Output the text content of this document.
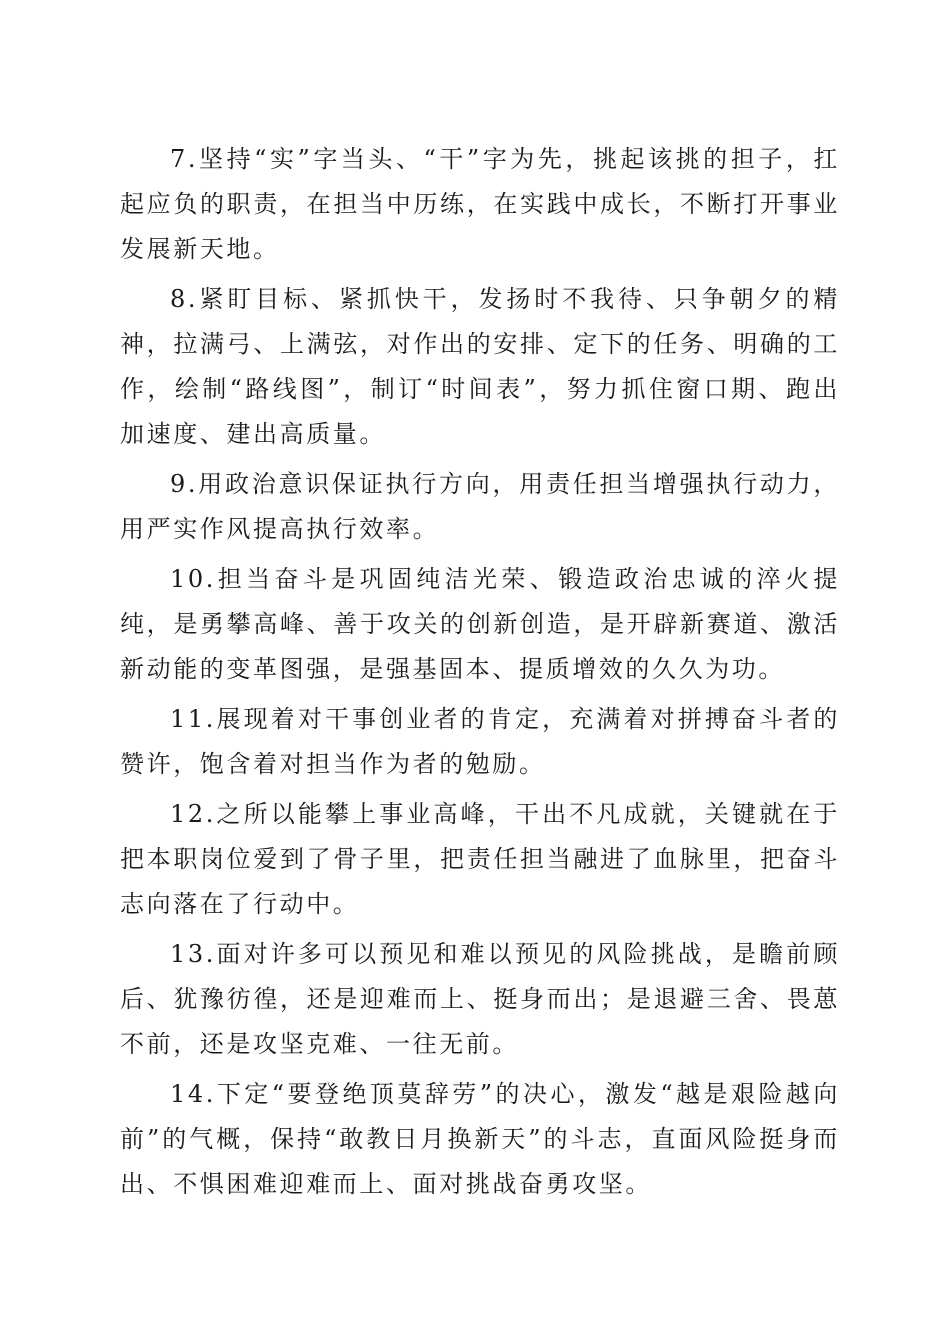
7.坚持“实”字当头、“干”字为先，挑起该挑的担子，扛起应负的职责，在担当中历练，在实践中成长，不断打开事业发展新天地。

8.紧盯目标、紧抓快干，发扬时不我待、只争朝夕的精神，拉满弓、上满弦，对作出的安排、定下的任务、明确的工作，绘制“路线图”，制订“时间表”，努力抓住窗口期、跑出加速度、建出高质量。

9.用政治意识保证执行方向，用责任担当增强执行动力，用严实作风提高执行效率。

10.担当奋斗是巩固纯洁光荣、锻造政治忠诚的淬火提纯，是勇攀高峰、善于攻关的创新创造，是开辟新赛道、激活新动能的变革图强，是强基固本、提质增效的久久为功。

11.展现着对干事创业者的肯定，充满着对拼搏奋斗者的赞许，饱含着对担当作为者的勉励。

12.之所以能攀上事业高峰，干出不凡成就，关键就在于把本职岗位爱到了骨子里，把责任担当融进了血脉里，把奋斗志向落在了行动中。

13.面对许多可以预见和难以预见的风险挑战，是瞻前顾后、犹豫彷徨，还是迎难而上、挺身而出；是退避三舍、畏葸不前，还是攻坚克难、一往无前。

14.下定“要登绝顶莫辞劳”的决心，激发“越是艰险越向前”的气概，保持“敢教日月换新天”的斗志，直面风险挺身而出、不惧困难迎难而上、面对挑战奋勇攻坚。
